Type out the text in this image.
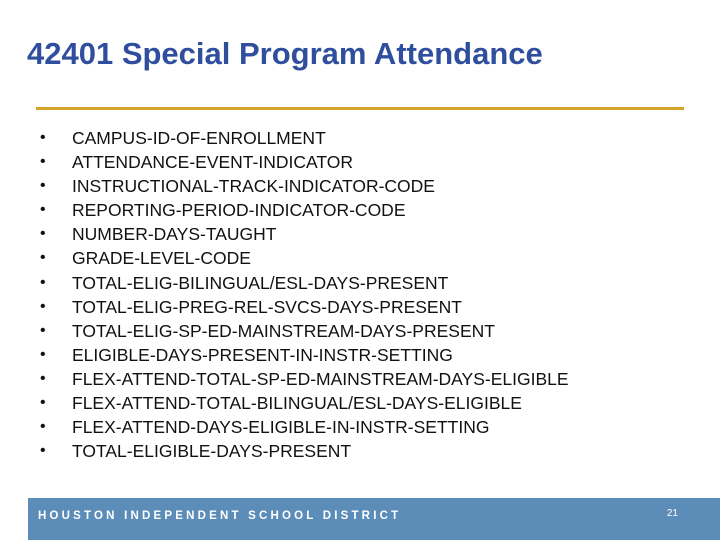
42401 Special Program Attendance
•	CAMPUS-ID-OF-ENROLLMENT
•	ATTENDANCE-EVENT-INDICATOR
•	INSTRUCTIONAL-TRACK-INDICATOR-CODE
•	REPORTING-PERIOD-INDICATOR-CODE
•	NUMBER-DAYS-TAUGHT
•	GRADE-LEVEL-CODE
•	TOTAL-ELIG-BILINGUAL/ESL-DAYS-PRESENT
•	TOTAL-ELIG-PREG-REL-SVCS-DAYS-PRESENT
•	TOTAL-ELIG-SP-ED-MAINSTREAM-DAYS-PRESENT
•	ELIGIBLE-DAYS-PRESENT-IN-INSTR-SETTING
•	FLEX-ATTEND-TOTAL-SP-ED-MAINSTREAM-DAYS-ELIGIBLE
•	FLEX-ATTEND-TOTAL-BILINGUAL/ESL-DAYS-ELIGIBLE
•	FLEX-ATTEND-DAYS-ELIGIBLE-IN-INSTR-SETTING
•	TOTAL-ELIGIBLE-DAYS-PRESENT
HOUSTON INDEPENDENT SCHOOL DISTRICT	21
